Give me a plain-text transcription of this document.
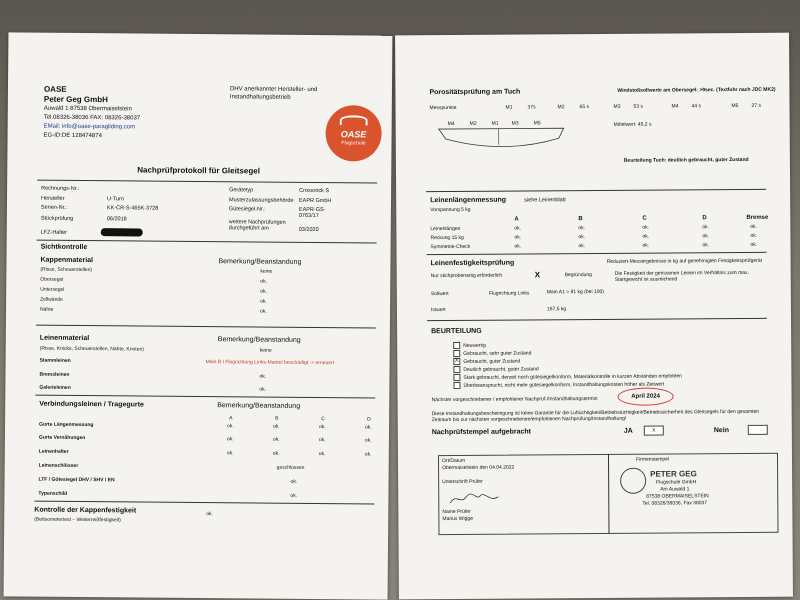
OASE
Peter Geg GmbH
Auwald 1 87538 Obermaiselstein
Tel.08326-38036 FAX: 08326-38037
EMail: info@oase-paragliding.com
EG-ID:DE 128474874
DHV anerkannter Hersteller- und
Instandhaltungsbetrieb
OASE
Flugschule
Nachprüfprotokoll für Gleitsegel
Rechnungs-Nr.:
Hersteller	U-Turn
Serien-Nr.:	KK-CR-S-465K-3728
Stückprüfung	06/2018
LFZ-Halter
Gerätetyp	Crossrock S
Musterzulassungsbehörde EAPR GmbH
Gütesiegel-Nr.:	EAPR-GS-0763/17
weitere Nachprüfungen durchgeführt am	03/2020
Sichtkontrolle
Kappenmaterial	Bemerkung/Beanstandung
(Risse, Scheuerstellen)	keine
Obersegel	ok.
Untersegel	ok.
Zellwände	ok.
Nähte	ok.
Leinenmaterial	Bemerkung/Beanstandung
(Risse, Knicke, Scheuerstellen, Nähte, Knoten)	keine
Stammleinen	Main B I Flugrichtung Links-Mantel beschädigt -> erneuert
Bremsleinen	ok.
Galerieleinen	ok.
Verbindungsleinen / Tragegurte	Bemerkung/Beanstandung
A	B	C	D
Gurte Längenmessung	ok.	ok.	ok.	ok.
Gurte Vernähungen	ok.	ok.	ok.	ok.
Leinenhalter	ok.	ok.	ok.	ok.
Leinenschlösser	geschlossen
LTF / Gütesiegel DHV / SHV / EN	ok.
Typenschild	ok.
Kontrolle der Kappenfestigkeit
(Bettsometertest – Weiterreißfestigkeit)
ok.
Porositätsprüfung am Tuch	Windstoßsollwerte am Obersegel: >9sec. (Textfuhr nach JDC MK2)
Messpunkte	M1	37s	M2	65 s	M3	53 s	M4	44 s	M5	27 s
M4	M2	M1	M3	M5	Mittelwert: 45,2 s
Beurteilung Tuch: deutlich gebraucht, guter Zustand
Leinenlängenmessung	siehe Leinenblatt
Vorspannung 5 kg
A	B	C	D	Bremse
Leinenlängen	ok.	ok.	ok.	ok.	ok.
Reckung 15 kg	ok.	ok.	ok.	ok.	ok.
Symmetrie-Check	ok.	ok.	ok.	ok.	ok.
Leinenfestigkeitsprüfung	Reduziert-Messergebnisse in kg auf genehmigten Festigkeitsprüfgerät
Nur stichprobenartig erforderlich	X	Begründung	Die Festigkeit der gerissenen Leinen im Verhältnis zum max. Startgewicht ist ausreichend
Sollwert	Flugrichtung Links	Main A1 > 81 kg (bei 100)
Istwert	167,5 kg
BEURTEILUNG
Neuwertig
Gebraucht, sehr guter Zustand
X Gebraucht, guter Zustand
Deutlich gebraucht, guter Zustand
Stark gebraucht, derzeit noch gütesiegelkonform, Materialkontrolle in kurzen Abständen empfohlen
Überbeansprucht, nicht mehr gütesiegelkonform, Instandhaltungskosten höher als Zeitwert
Nächster vorgeschriebener / empfohlener Nachprüf-/Instandhaltungstermin	April 2024
Diese Instandhaltungsbescheinigung ist keine Garantie für die Luftüchtigkeit/Betriebstüchtigkeit/Betriebssicherheit des Gleitsegels für den gesamten Zeitraum bis zur nächsten vorgeschriebenen/empfohlenen Nachprüfung/Instandhaltung!
Nachprüfstempel aufgebracht	JA	X	Nein
Ort/Datum
Obermaiselstein den 04.04.2022
Unterschrift Prüfer
Name Prüfer
Marius Wigge
Firmenstempel
PETER GEG
Flugschule GmbH
Am Auwald 1
87538 OBERMAISELSTEIN
Tel. 08326/38036, Fax 38037
